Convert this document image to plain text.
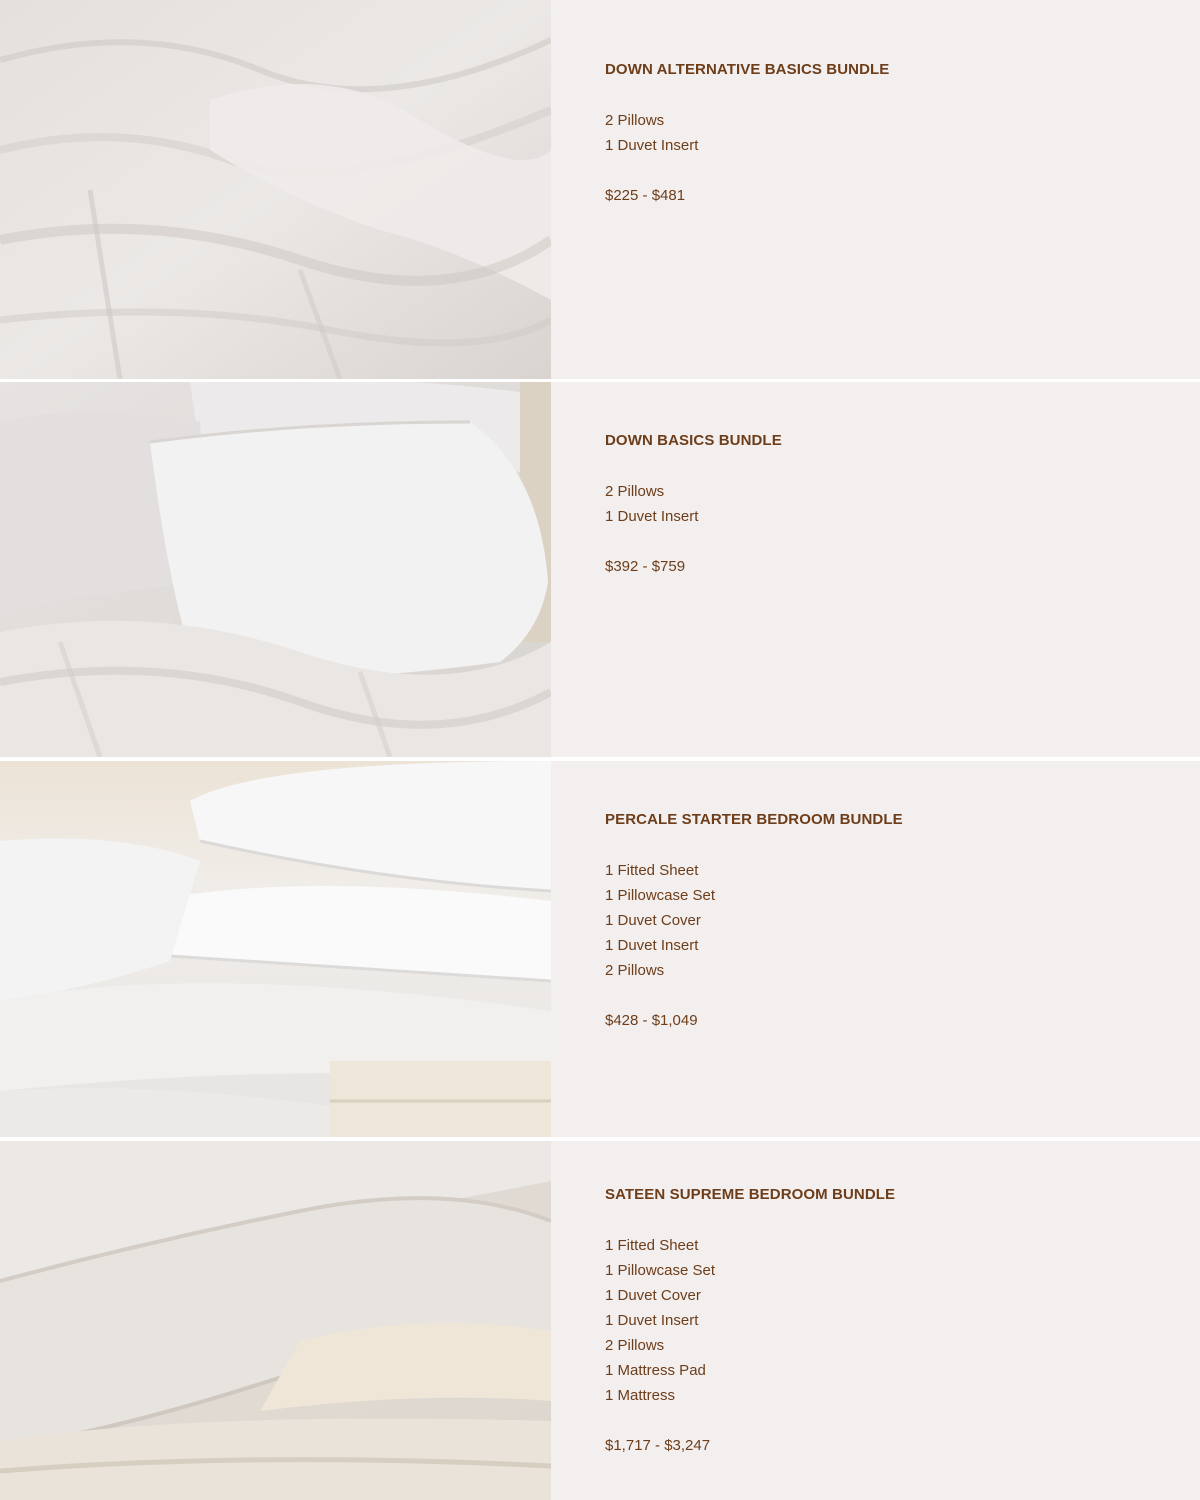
DOWN ALTERNATIVE BASICS BUNDLE
2 Pillows
1 Duvet Insert

$225 - $481

DOWN BASICS BUNDLE
2 Pillows
1 Duvet Insert

$392 - $759

PERCALE STARTER BEDROOM BUNDLE
1 Fitted Sheet
1 Pillowcase Set
1 Duvet Cover
1 Duvet Insert
2 Pillows

$428 - $1,049

SATEEN SUPREME BEDROOM BUNDLE
1 Fitted Sheet
1 Pillowcase Set
1 Duvet Cover
1 Duvet Insert
2 Pillows
1 Mattress Pad
1 Mattress

$1,717 - $3,247
